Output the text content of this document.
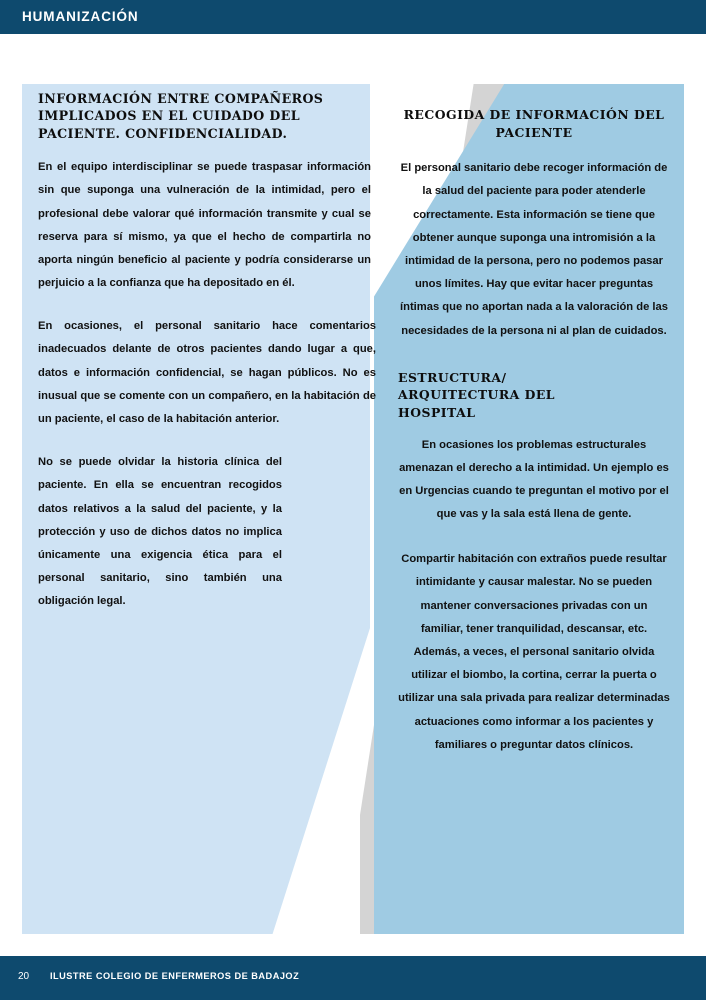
HUMANIZACIÓN
INFORMACIÓN ENTRE COMPAÑEROS IMPLICADOS EN EL CUIDADO DEL PACIENTE. CONFIDENCIALIDAD.
En el equipo interdisciplinar se puede traspasar información sin que suponga una vulneración de la intimidad, pero el profesional debe valorar qué información transmite y cual se reserva para sí mismo, ya que el hecho de compartirla no aporta ningún beneficio al paciente y podría considerarse un perjuicio a la confianza que ha depositado en él.
En ocasiones, el personal sanitario hace comentarios inadecuados delante de otros pacientes dando lugar a que, datos e información confidencial, se hagan públicos. No es inusual que se comente con un compañero, en la habitación de un paciente, el caso de la habitación anterior.
No se puede olvidar la historia clínica del paciente. En ella se encuentran recogidos datos relativos a la salud del paciente, y la protección y uso de dichos datos no implica únicamente una exigencia ética para el personal sanitario, sino también una obligación legal.
RECOGIDA DE INFORMACIÓN DEL PACIENTE
El personal sanitario debe recoger información de la salud del paciente para poder atenderle correctamente. Esta información se tiene que obtener aunque suponga una intromisión a la intimidad de la persona, pero no podemos pasar unos límites. Hay que evitar hacer preguntas íntimas que no aportan nada a la valoración de las necesidades de la persona ni al plan de cuidados.
ESTRUCTURA/ ARQUITECTURA DEL HOSPITAL
En ocasiones los problemas estructurales amenazan el derecho a la intimidad. Un ejemplo es en Urgencias cuando te preguntan el motivo por el que vas y la sala está llena de gente.
Compartir habitación con extraños puede resultar intimidante y causar malestar. No se pueden mantener conversaciones privadas con un familiar, tener tranquilidad, descansar, etc. Además, a veces, el personal sanitario olvida utilizar el biombo, la cortina, cerrar la puerta o utilizar una sala privada para realizar determinadas actuaciones como informar a los pacientes y familiares o preguntar datos clínicos.
20 ILUSTRE COLEGIO DE ENFERMEROS DE BADAJOZ
